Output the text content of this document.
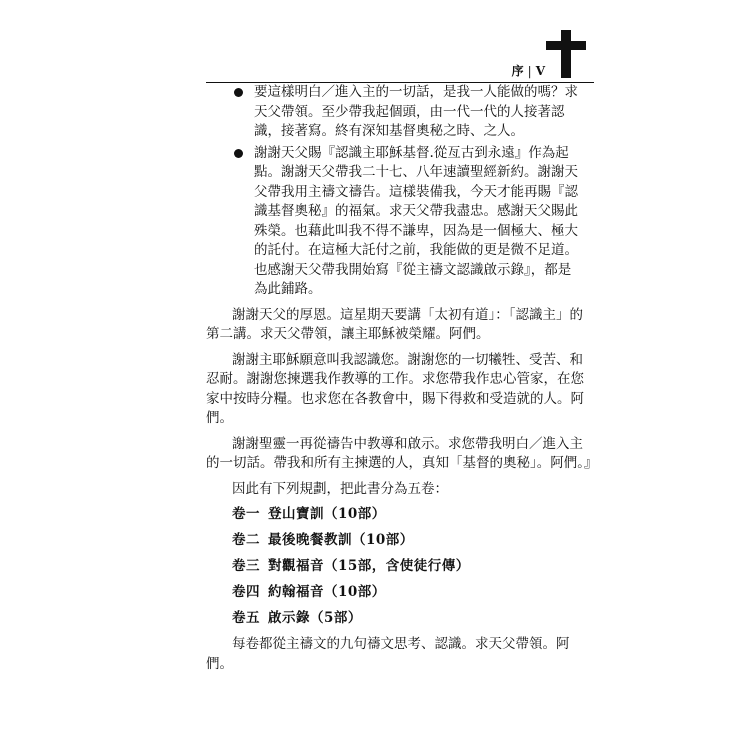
序 | V
要這樣明白／進入主的一切話，是我一人能做的嗎？求天父帶領。至少帶我起個頭，由一代一代的人接著認識，接著寫。終有深知基督奧秘之時、之人。
謝謝天父賜『認識主耶穌基督.從亙古到永遠』作為起點。謝謝天父帶我二十七、八年速讀聖經新約。謝謝天父帶我用主禱文禱告。這樣裝備我，今天才能再賜『認識基督奧秘』的福氣。求天父帶我盡忠。感謝天父賜此殊榮。也藉此叫我不得不謙卑，因為是一個極大、極大的託付。在這極大託付之前，我能做的更是微不足道。也感謝天父帶我開始寫『從主禱文認識啟示錄』，都是為此鋪路。

謝謝天父的厚恩。這星期天要講「太初有道」：「認識主」的第二講。求天父帶領，讓主耶穌被榮耀。阿們。

謝謝主耶穌願意叫我認識您。謝謝您的一切犧牲、受苦、和忍耐。謝謝您揀選我作教導的工作。求您帶我作忠心管家，在您家中按時分糧。也求您在各教會中，賜下得救和受造就的人。阿們。

謝謝聖靈一再從禱告中教導和啟示。求您帶我明白／進入主的一切話。帶我和所有主揀選的人，真知「基督的奧秘」。阿們。』

因此有下列規劃，把此書分為五卷：

卷一 登山寶訓（10部）
卷二 最後晚餐教訓（10部）
卷三 對觀福音（15部，含使徒行傳）
卷四 約翰福音（10部）
卷五 啟示錄（5部）

每卷都從主禱文的九句禱文思考、認識。求天父帶領。阿們。
